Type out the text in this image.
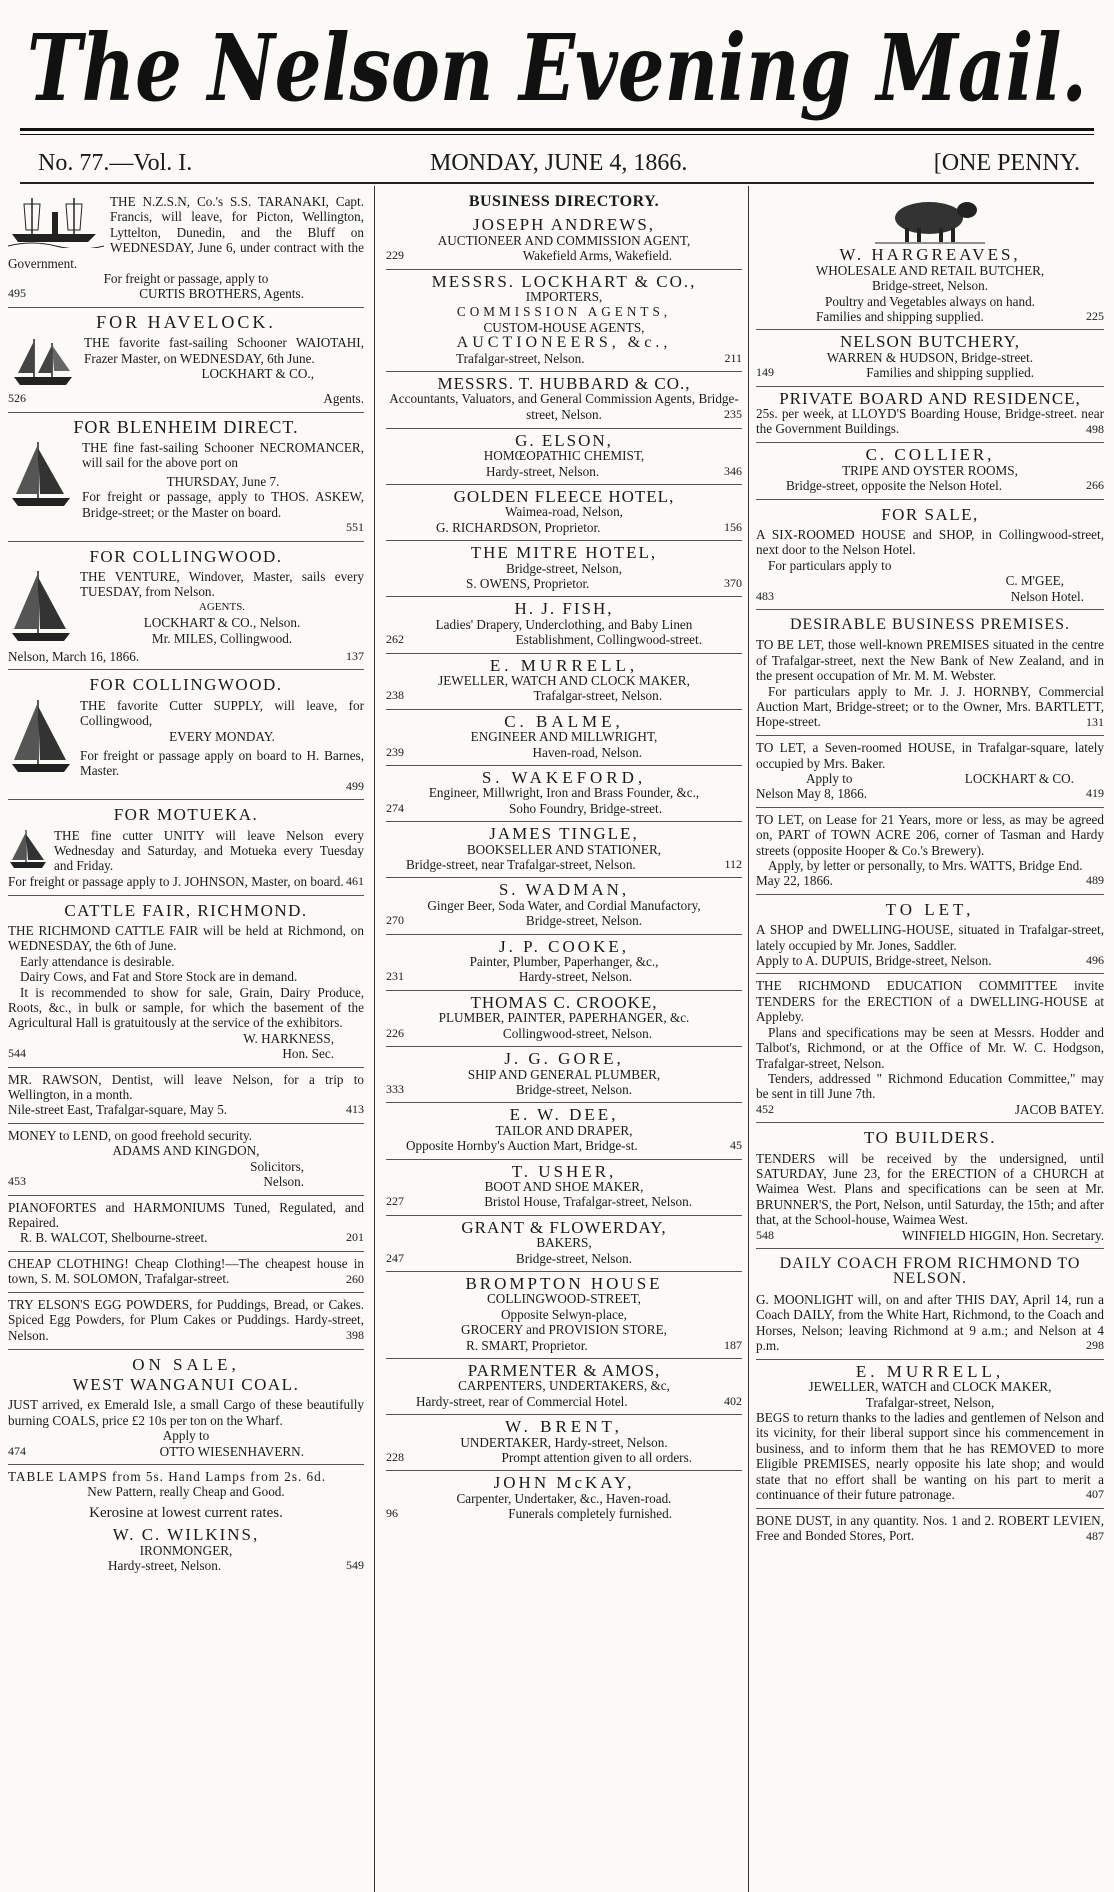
The Nelson Evening Mail.
No. 77.—Vol. I.	MONDAY, JUNE 4, 1866.	[ONE PENNY.
THE N.Z.S.N, Co.'s S.S. TARANAKI, Capt. Francis, will leave, for Picton, Wellington, Lyttelton, Dunedin, and the Bluff on WEDNESDAY, June 6, under contract with the Government.
For freight or passage, apply to
495	CURTIS BROTHERS, Agents.
FOR HAVELOCK.
THE favorite fast-sailing Schooner WAIOTAHI, Frazer Master, on WEDNESDAY, 6th June.
LOCKHART & CO.,
526	Agents.
FOR BLENHEIM DIRECT.
THE fine fast-sailing Schooner NECROMANCER, will sail for the above port on
THURSDAY, June 7.
For freight or passage, apply to THOS. ASKEW, Bridge-street; or the Master on board.
551
FOR COLLINGWOOD.
THE VENTURE, Windover, Master, sails every TUESDAY, from Nelson.
AGENTS.
LOCKHART & CO., Nelson.
Mr. MILES, Collingwood.
Nelson, March 16, 1866.	137
FOR COLLINGWOOD.
THE favorite Cutter SUPPLY, will leave, for Collingwood,
EVERY MONDAY.
For freight or passage apply on board to H. Barnes, Master.
499
FOR MOTUEKA.
THE fine cutter UNITY will leave Nelson every Wednesday and Saturday, and Motueka every Tuesday and Friday.
For freight or passage apply to J. JOHNSON, Master, on board. 461
CATTLE FAIR, RICHMOND.
THE RICHMOND CATTLE FAIR will be held at Richmond, on WEDNESDAY, the 6th of June.
Early attendance is desirable.
Dairy Cows, and Fat and Store Stock are in demand.
It is recommended to show for sale, Grain, Dairy Produce, Roots, &c., in bulk or sample, for which the basement of the Agricultural Hall is gratuitously at the service of the exhibitors.
W. HARKNESS,
544	Hon. Sec.
MR. RAWSON, Dentist, will leave Nelson, for a trip to Wellington, in a month.
Nile-street East, Trafalgar-square, May 5.	413
MONEY to LEND, on good freehold security.
ADAMS AND KINGDON,
Solicitors,
453	Nelson.
PIANOFORTES and HARMONIUMS Tuned, Regulated, and Repaired.
R. B. WALCOT, Shelbourne-street.	201
CHEAP CLOTHING! Cheap Clothing!—The cheapest house in town, S. M. SOLOMON, Trafalgar-street.	260
TRY ELSON'S EGG POWDERS, for Puddings, Bread, or Cakes. Spiced Egg Powders, for Plum Cakes or Puddings. Hardy-street, Nelson.	398
ON SALE,
WEST WANGANUI COAL.
JUST arrived, ex Emerald Isle, a small Cargo of these beautifully burning COALS, price £2 10s per ton on the Wharf.
Apply to
474	OTTO WIESENHAVERN.
TABLE LAMPS from 5s. Hand Lamps from 2s. 6d.
New Pattern, really Cheap and Good.
Kerosine at lowest current rates.
W. C. WILKINS,
IRONMONGER,
Hardy-street, Nelson.	549
BUSINESS DIRECTORY.
JOSEPH ANDREWS,
AUCTIONEER AND COMMISSION AGENT,
229	Wakefield Arms, Wakefield.
MESSRS. LOCKHART & CO.,
IMPORTERS,
COMMISSION AGENTS,
CUSTOM-HOUSE AGENTS,
AUCTIONEERS, &c.,
Trafalgar-street, Nelson.	211
MESSRS. T. HUBBARD & CO.,
Accountants, Valuators, and General Commission Agents, Bridge-street, Nelson.	235
G. ELSON,
HOMŒOPATHIC CHEMIST,
Hardy-street, Nelson.	346
GOLDEN FLEECE HOTEL,
Waimea-road, Nelson,
G. RICHARDSON, Proprietor.	156
THE MITRE HOTEL,
Bridge-street, Nelson,
S. OWENS, Proprietor.	370
H. J. FISH,
Ladies' Drapery, Underclothing, and Baby Linen
262	Establishment, Collingwood-street.
E. MURRELL,
JEWELLER, WATCH AND CLOCK MAKER,
238	Trafalgar-street, Nelson.
C. BALME,
ENGINEER AND MILLWRIGHT,
239	Haven-road, Nelson.
S. WAKEFORD,
Engineer, Millwright, Iron and Brass Founder, &c.,
274	Soho Foundry, Bridge-street.
JAMES TINGLE,
BOOKSELLER AND STATIONER,
Bridge-street, near Trafalgar-street, Nelson.	112
S. WADMAN,
Ginger Beer, Soda Water, and Cordial Manufactory,
270	Bridge-street, Nelson.
J. P. COOKE,
Painter, Plumber, Paperhanger, &c.,
231	Hardy-street, Nelson.
THOMAS C. CROOKE,
PLUMBER, PAINTER, PAPERHANGER, &c.
226	Collingwood-street, Nelson.
J. G. GORE,
SHIP AND GENERAL PLUMBER,
333	Bridge-street, Nelson.
E. W. DEE,
TAILOR AND DRAPER,
Opposite Hornby's Auction Mart, Bridge-st.	45
T. USHER,
BOOT AND SHOE MAKER,
227	Bristol House, Trafalgar-street, Nelson.
GRANT & FLOWERDAY,
BAKERS,
247	Bridge-street, Nelson.
BROMPTON HOUSE
COLLINGWOOD-STREET,
Opposite Selwyn-place,
GROCERY and PROVISION STORE,
R. SMART, Proprietor.	187
PARMENTER & AMOS,
CARPENTERS, UNDERTAKERS, &c,
Hardy-street, rear of Commercial Hotel.	402
W. BRENT,
UNDERTAKER, Hardy-street, Nelson.
228	Prompt attention given to all orders.
JOHN McKAY,
Carpenter, Undertaker, &c., Haven-road.
96	Funerals completely furnished.
W. HARGREAVES,
WHOLESALE AND RETAIL BUTCHER,
Bridge-street, Nelson.
Poultry and Vegetables always on hand.
Families and shipping supplied.	225
NELSON BUTCHERY,
WARREN & HUDSON, Bridge-street.
149	Families and shipping supplied.
PRIVATE BOARD AND RESIDENCE,
25s. per week, at LLOYD'S Boarding House, Bridge-street. near the Government Buildings.	498
C. COLLIER,
TRIPE AND OYSTER ROOMS,
Bridge-street, opposite the Nelson Hotel.	266
FOR SALE,
A SIX-ROOMED HOUSE and SHOP, in Collingwood-street, next door to the Nelson Hotel.
For particulars apply to
C. M'GEE,
483	Nelson Hotel.
DESIRABLE BUSINESS PREMISES.
TO BE LET, those well-known PREMISES situated in the centre of Trafalgar-street, next the New Bank of New Zealand, and in the present occupation of Mr. M. M. Webster.
For particulars apply to Mr. J. J. HORNBY, Commercial Auction Mart, Bridge-street; or to the Owner, Mrs. BARTLETT, Hope-street.	131
TO LET, a Seven-roomed HOUSE, in Trafalgar-square, lately occupied by Mrs. Baker.
Apply to	LOCKHART & CO.
Nelson May 8, 1866.	419
TO LET, on Lease for 21 Years, more or less, as may be agreed on, PART of TOWN ACRE 206, corner of Tasman and Hardy streets (opposite Hooper & Co.'s Brewery).
Apply, by letter or personally, to Mrs. WATTS, Bridge End.
May 22, 1866.	489
TO LET,
A SHOP and DWELLING-HOUSE, situated in Trafalgar-street, lately occupied by Mr. Jones, Saddler.
Apply to A. DUPUIS, Bridge-street, Nelson.	496
THE RICHMOND EDUCATION COMMITTEE invite TENDERS for the ERECTION of a DWELLING-HOUSE at Appleby.
Plans and specifications may be seen at Messrs. Hodder and Talbot's, Richmond, or at the Office of Mr. W. C. Hodgson, Trafalgar-street, Nelson.
Tenders, addressed " Richmond Education Committee," may be sent in till June 7th.
452	JACOB BATEY.
TO BUILDERS.
TENDERS will be received by the undersigned, until SATURDAY, June 23, for the ERECTION of a CHURCH at Waimea West. Plans and specifications can be seen at Mr. BRUNNER'S, the Port, Nelson, until Saturday, the 15th; and after that, at the School-house, Waimea West.
548	WINFIELD HIGGIN, Hon. Secretary.
DAILY COACH FROM RICHMOND TO NELSON.
G. MOONLIGHT will, on and after THIS DAY, April 14, run a Coach DAILY, from the White Hart, Richmond, to the Coach and Horses, Nelson; leaving Richmond at 9 a.m.; and Nelson at 4 p.m.	298
E. MURRELL,
JEWELLER, WATCH and CLOCK MAKER,
Trafalgar-street, Nelson,
BEGS to return thanks to the ladies and gentlemen of Nelson and its vicinity, for their liberal support since his commencement in business, and to inform them that he has REMOVED to more Eligible PREMISES, nearly opposite his late shop; and would state that no effort shall be wanting on his part to merit a continuance of their future patronage.	407
BONE DUST, in any quantity. Nos. 1 and 2. ROBERT LEVIEN, Free and Bonded Stores, Port.	487
